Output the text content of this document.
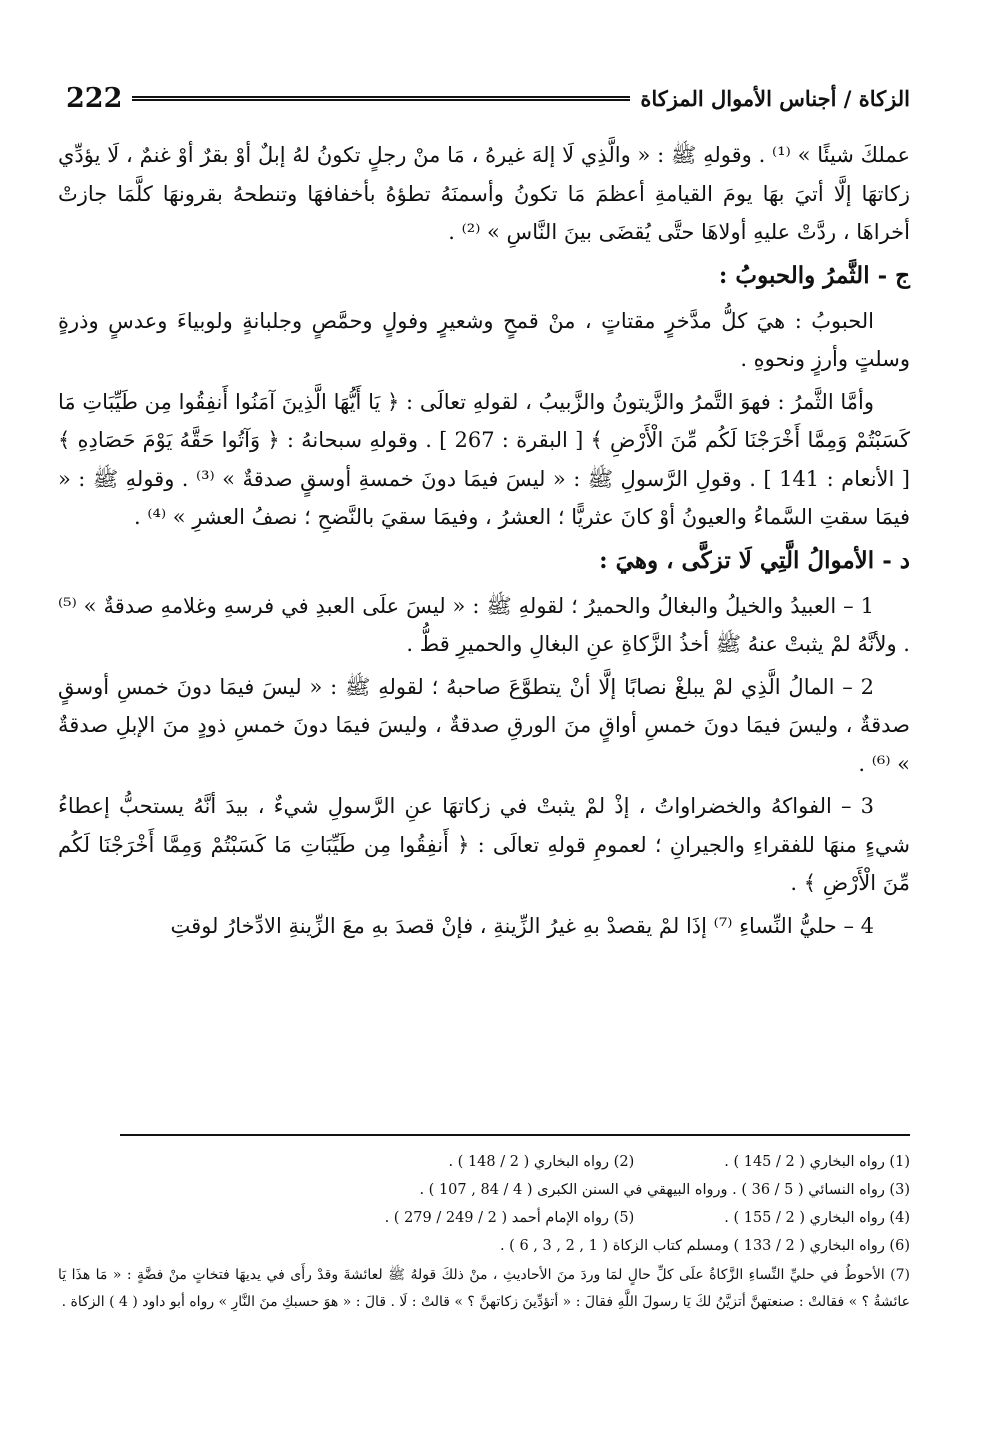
222	الزكاة / أجناس الأموال المزكاة

عملكَ شيئًا » ⁽¹⁾ . وقولهِ ﷺ : « والَّذِي لَا إلهَ غيرهُ ، مَا منْ رجلٍ تكونُ لهُ إبلٌ أوْ بقرٌ أوْ غنمٌ ، لَا يؤدِّي زكاتهَا إلَّا أتيَ بهَا يومَ القيامةِ أعظمَ مَا تكونُ وأسمنَهُ تطؤهُ بأخفافهَا وتنطحهُ بقرونهَا كلَّمَا جازتْ أخراهَا ، ردَّتْ عليهِ أولاهَا حتَّى يُقضَى بينَ النَّاسِ » ⁽²⁾ .

ج - الثَّمرُ والحبوبُ :

الحبوبُ : هيَ كلُّ مدَّخرٍ مقتاتٍ ، منْ قمحٍ وشعيرٍ وفولٍ وحمَّصٍ وجلبانةٍ ولوبياءَ وعدسٍ وذرةٍ وسلتٍ وأرزٍ ونحوهِ .

وأمَّا الثَّمرُ : فهوَ التَّمرُ والزَّيتونُ والزَّبيبُ ، لقولهِ تعالَى : ﴿ يَا أَيُّهَا الَّذِينَ آمَنُوا أَنفِقُوا مِن طَيِّبَاتِ مَا كَسَبْتُمْ وَمِمَّا أَخْرَجْنَا لَكُم مِّنَ الْأَرْضِ ﴾ [ البقرة : 267 ] . وقولهِ سبحانهُ : ﴿ وَآتُوا حَقَّهُ يَوْمَ حَصَادِهِ ﴾ [ الأنعام : 141 ] . وقولِ الرَّسولِ ﷺ : « ليسَ فيمَا دونَ خمسةِ أوسقٍ صدقةٌ » ⁽³⁾ . وقولهِ ﷺ : « فيمَا سقتِ السَّماءُ والعيونُ أوْ كانَ عثريًّا ؛ العشرُ ، وفيمَا سقيَ بالنَّضحِ ؛ نصفُ العشرِ » ⁽⁴⁾ .

د - الأموالُ الَّتِي لَا تزكَّى ، وهيَ :

1 – العبيدُ والخيلُ والبغالُ والحميرُ ؛ لقولهِ ﷺ : « ليسَ علَى العبدِ في فرسهِ وغلامهِ صدقةٌ » ⁽⁵⁾ . ولأنَّهُ لمْ يثبتْ عنهُ ﷺ أخذُ الزَّكاةِ عنِ البغالِ والحميرِ قطُّ .

2 – المالُ الَّذِي لمْ يبلغْ نصابًا إلَّا أنْ يتطوَّعَ صاحبهُ ؛ لقولهِ ﷺ : « ليسَ فيمَا دونَ خمسِ أوسقٍ صدقةٌ ، وليسَ فيمَا دونَ خمسِ أواقٍ منَ الورقِ صدقةٌ ، وليسَ فيمَا دونَ خمسِ ذودٍ منَ الإبلِ صدقةٌ » ⁽⁶⁾ .

3 – الفواكهُ والخضراواتُ ، إذْ لمْ يثبتْ في زكاتهَا عنِ الرَّسولِ شيءٌ ، بيدَ أنَّهُ يستحبُّ إعطاءُ شيءٍ منهَا للفقراءِ والجيرانِ ؛ لعمومِ قولهِ تعالَى : ﴿ أَنفِقُوا مِن طَيِّبَاتِ مَا كَسَبْتُمْ وَمِمَّا أَخْرَجْنَا لَكُم مِّنَ الْأَرْضِ ﴾ .

4 – حليُّ النِّساءِ ⁽⁷⁾ إذَا لمْ يقصدْ بهِ غيرُ الزِّينةِ ، فإنْ قصدَ بهِ معَ الزِّينةِ الادِّخارُ لوقتِ

(1) رواه البخاري ( 2 / 145 ) .
(2) رواه البخاري ( 2 / 148 ) .
(3) رواه النسائي ( 5 / 36 ) . ورواه البيهقي في السنن الكبرى ( 4 / 84 , 107 ) .
(4) رواه البخاري ( 2 / 155 ) .
(5) رواه الإمام أحمد ( 2 / 249 / 279 ) .
(6) رواه البخاري ( 2 / 133 ) ومسلم كتاب الزكاة ( 1 , 2 , 3 , 6 ) .
(7) الأحوطُ في حليِّ النِّساءِ الزَّكاةُ علَى كلِّ حالٍ لمَا وردَ منَ الأحاديثِ ، منْ ذلكَ قولهُ ﷺ لعائشةَ وقدْ رأَى في يديهَا فتخاتٍ منْ فضَّةٍ : « مَا هذَا يَا عائشةُ ؟ » فقالتْ : صنعتهنَّ أتزيَّنُ لكَ يَا رسولَ اللَّهِ فقالَ : « أتؤدِّينَ زكاتهنَّ ؟ » قالتْ : لَا . قالَ : « هوَ حسبكِ منَ النَّارِ » رواه أبو داود ( 4 ) الزكاة .
